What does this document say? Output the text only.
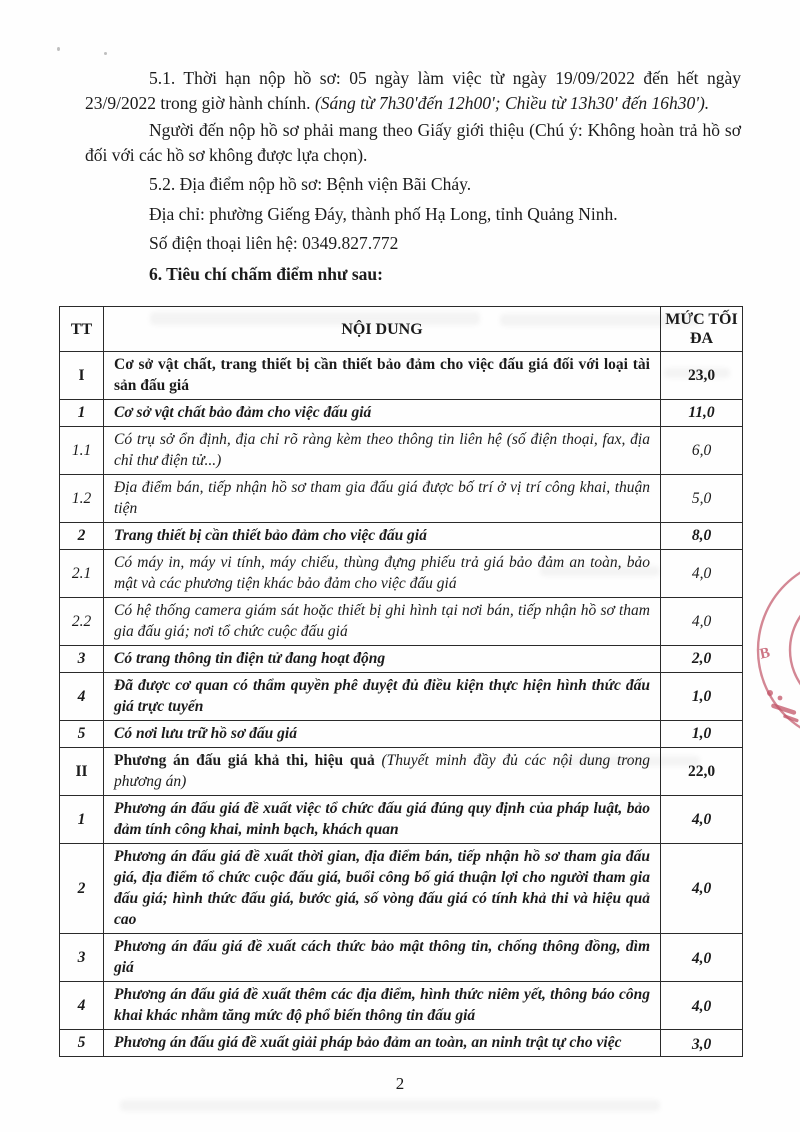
5.1. Thời hạn nộp hồ sơ: 05 ngày làm việc từ ngày 19/09/2022 đến hết ngày 23/9/2022 trong giờ hành chính. (Sáng từ 7h30'đến 12h00'; Chiều từ 13h30' đến 16h30').

Người đến nộp hồ sơ phải mang theo Giấy giới thiệu (Chú ý: Không hoàn trả hồ sơ đối với các hồ sơ không được lựa chọn).

5.2. Địa điểm nộp hồ sơ: Bệnh viện Bãi Cháy.

Địa chỉ: phường Giếng Đáy, thành phố Hạ Long, tỉnh Quảng Ninh.

Số điện thoại liên hệ: 0349.827.772

6. Tiêu chí chấm điểm như sau:

TT	NỘI DUNG	MỨC TỐI ĐA
I	Cơ sở vật chất, trang thiết bị cần thiết bảo đảm cho việc đấu giá đối với loại tài sản đấu giá	23,0
1	Cơ sở vật chất bảo đảm cho việc đấu giá	11,0
1.1	Có trụ sở ổn định, địa chỉ rõ ràng kèm theo thông tin liên hệ (số điện thoại, fax, địa chỉ thư điện tử...)	6,0
1.2	Địa điểm bán, tiếp nhận hồ sơ tham gia đấu giá được bố trí ở vị trí công khai, thuận tiện	5,0
2	Trang thiết bị cần thiết bảo đảm cho việc đấu giá	8,0
2.1	Có máy in, máy vi tính, máy chiếu, thùng đựng phiếu trả giá bảo đảm an toàn, bảo mật và các phương tiện khác bảo đảm cho việc đấu giá	4,0
2.2	Có hệ thống camera giám sát hoặc thiết bị ghi hình tại nơi bán, tiếp nhận hồ sơ tham gia đấu giá; nơi tổ chức cuộc đấu giá	4,0
3	Có trang thông tin điện tử đang hoạt động	2,0
4	Đã được cơ quan có thẩm quyền phê duyệt đủ điều kiện thực hiện hình thức đấu giá trực tuyến	1,0
5	Có nơi lưu trữ hồ sơ đấu giá	1,0
II	Phương án đấu giá khả thi, hiệu quả (Thuyết minh đầy đủ các nội dung trong phương án)	22,0
1	Phương án đấu giá đề xuất việc tổ chức đấu giá đúng quy định của pháp luật, bảo đảm tính công khai, minh bạch, khách quan	4,0
2	Phương án đấu giá đề xuất thời gian, địa điểm bán, tiếp nhận hồ sơ tham gia đấu giá, địa điểm tổ chức cuộc đấu giá, buổi công bố giá thuận lợi cho người tham gia đấu giá; hình thức đấu giá, bước giá, số vòng đấu giá có tính khả thi và hiệu quả cao	4,0
3	Phương án đấu giá đề xuất cách thức bảo mật thông tin, chống thông đồng, dìm giá	4,0
4	Phương án đấu giá đề xuất thêm các địa điểm, hình thức niêm yết, thông báo công khai khác nhằm tăng mức độ phổ biến thông tin đấu giá	4,0
5	Phương án đấu giá đề xuất giải pháp bảo đảm an toàn, an ninh trật tự cho việc	3,0
B
2
